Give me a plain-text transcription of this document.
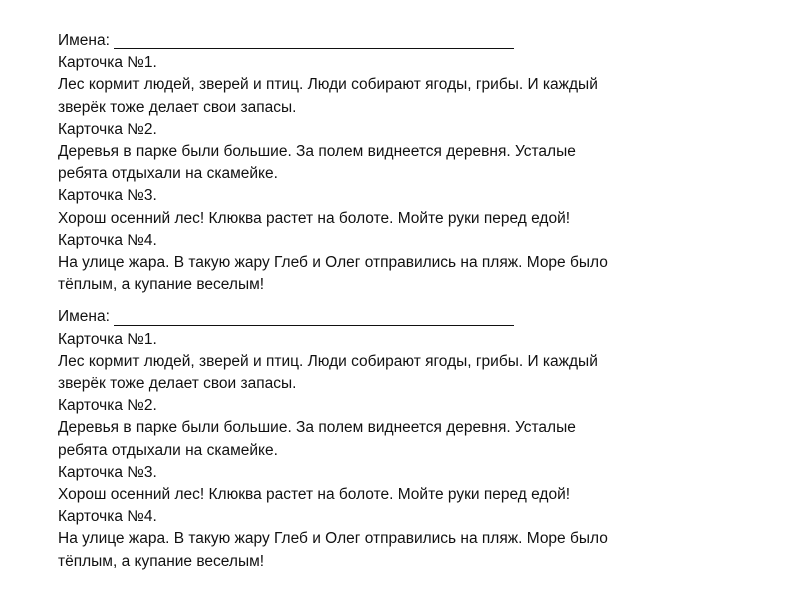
Имена:
Карточка №1.
Лес кормит людей, зверей и птиц. Люди собирают ягоды, грибы. И каждый
зверёк тоже делает свои запасы.
Карточка №2.
Деревья в парке были большие. За полем виднеется деревня. Усталые
ребята отдыхали на скамейке.
Карточка №3.
Хорош осенний лес! Клюква растет на болоте. Мойте руки перед едой!
Карточка №4.
На улице жара. В такую жару Глеб и Олег отправились на пляж. Море было
тёплым, а купание веселым!
Имена:
Карточка №1.
Лес кормит людей, зверей и птиц. Люди собирают ягоды, грибы. И каждый
зверёк тоже делает свои запасы.
Карточка №2.
Деревья в парке были большие. За полем виднеется деревня. Усталые
ребята отдыхали на скамейке.
Карточка №3.
Хорош осенний лес! Клюква растет на болоте. Мойте руки перед едой!
Карточка №4.
На улице жара. В такую жару Глеб и Олег отправились на пляж. Море было
тёплым, а купание веселым!
